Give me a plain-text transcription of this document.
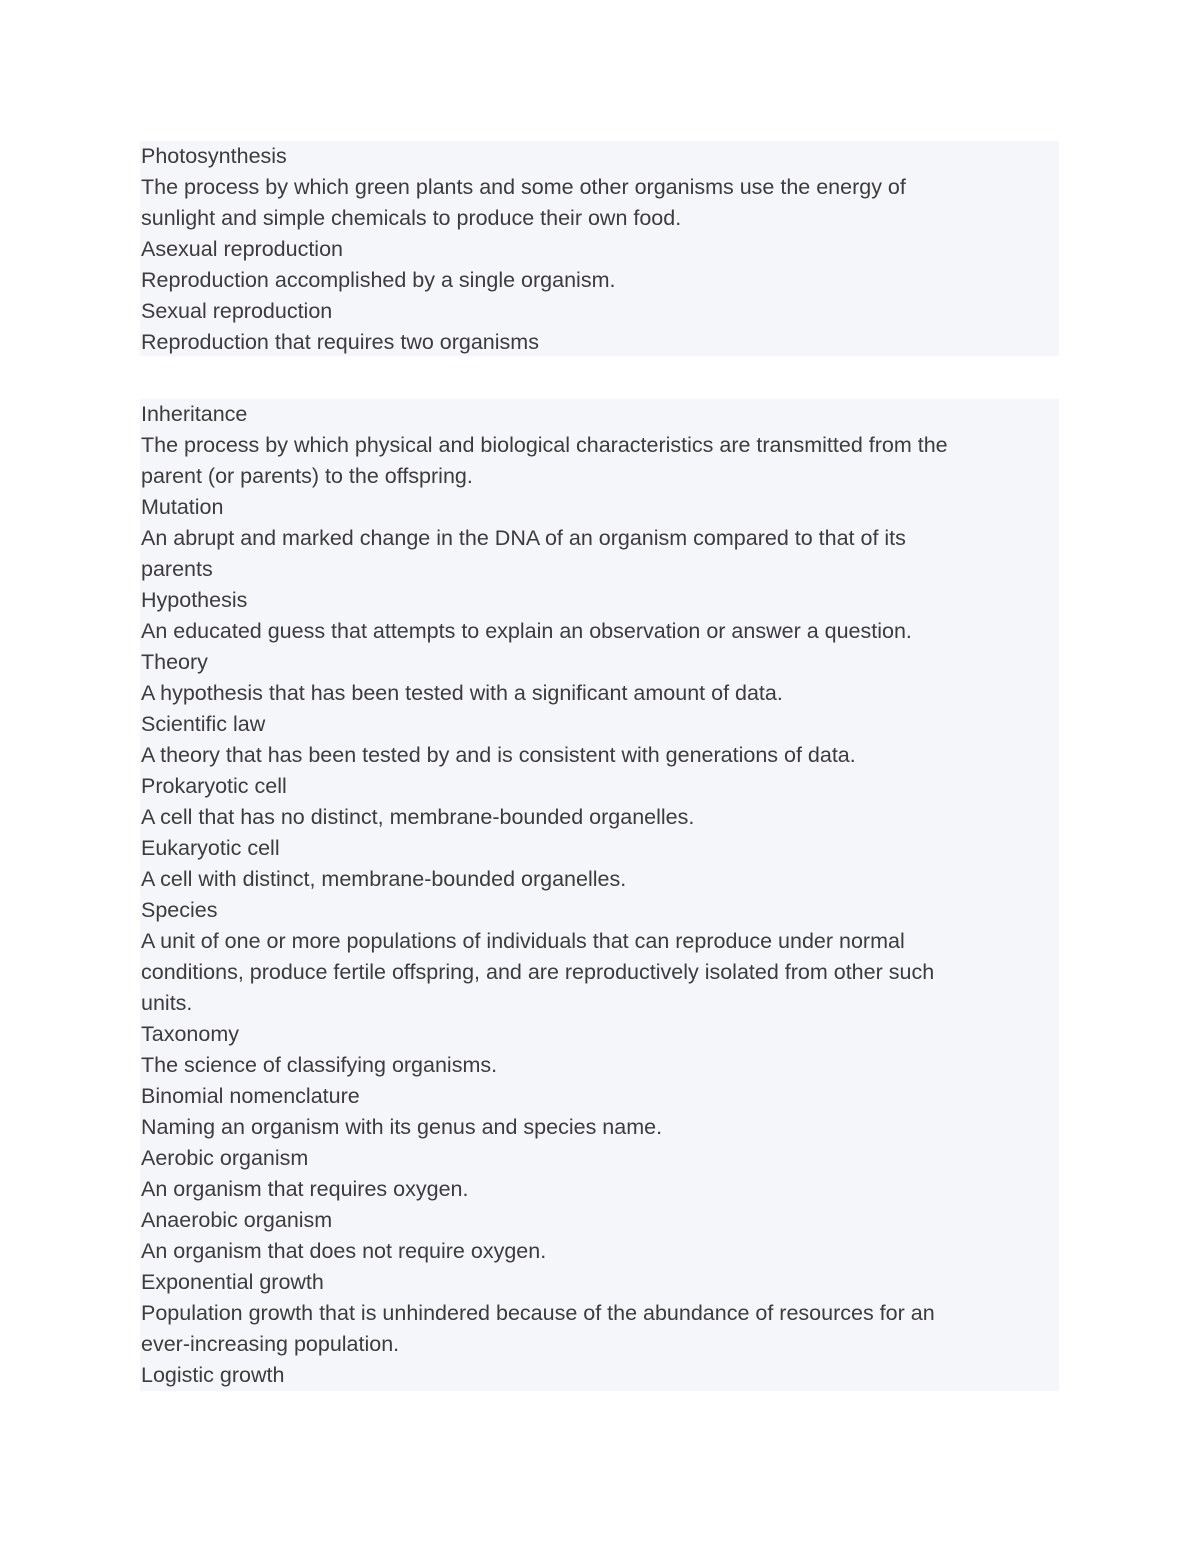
Photosynthesis

The process by which green plants and some other organisms use the energy of

sunlight and simple chemicals to produce their own food.

Asexual reproduction

Reproduction accomplished by a single organism.

Sexual reproduction

Reproduction that requires two organisms

Inheritance

The process by which physical and biological characteristics are transmitted from the

parent (or parents) to the offspring.

Mutation

An abrupt and marked change in the DNA of an organism compared to that of its

parents

Hypothesis

An educated guess that attempts to explain an observation or answer a question.

Theory

A hypothesis that has been tested with a significant amount of data.

Scientific law

A theory that has been tested by and is consistent with generations of data.

Prokaryotic cell

A cell that has no distinct, membrane-bounded organelles.

Eukaryotic cell

A cell with distinct, membrane-bounded organelles.

Species

A unit of one or more populations of individuals that can reproduce under normal

conditions, produce fertile offspring, and are reproductively isolated from other such

units.

Taxonomy

The science of classifying organisms.

Binomial nomenclature

Naming an organism with its genus and species name.

Aerobic organism

An organism that requires oxygen.

Anaerobic organism

An organism that does not require oxygen.

Exponential growth

Population growth that is unhindered because of the abundance of resources for an

ever-increasing population.

Logistic growth
